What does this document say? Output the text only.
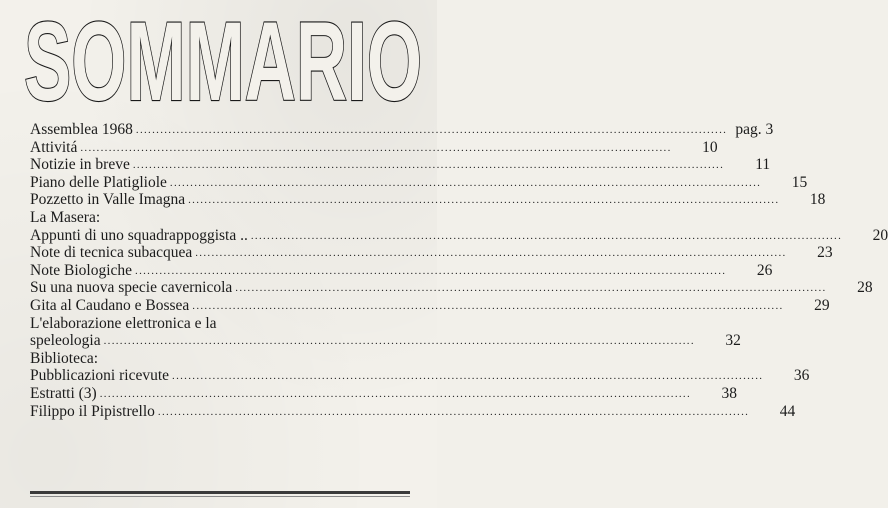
SOMMARIO
Assemblea 1968 .....	pag. 3
Attivitá .....	10
Notizie in breve .....	11
Piano delle Platigliole .....	15
Pozzetto in Valle Imagna .....	18
La Masera:
Appunti di uno squadrappoggista .. .....	20
Note di tecnica subacquea .....	23
Note Biologiche .....	26
Su una nuova specie cavernicola .....	28
Gita al Caudano e Bossea .....	29
L'elaborazione elettronica e la
speleologia .....	32
Biblioteca:
Pubblicazioni ricevute .....	36
Estratti (3) .....	38
Filippo il Pipistrello .....	44
